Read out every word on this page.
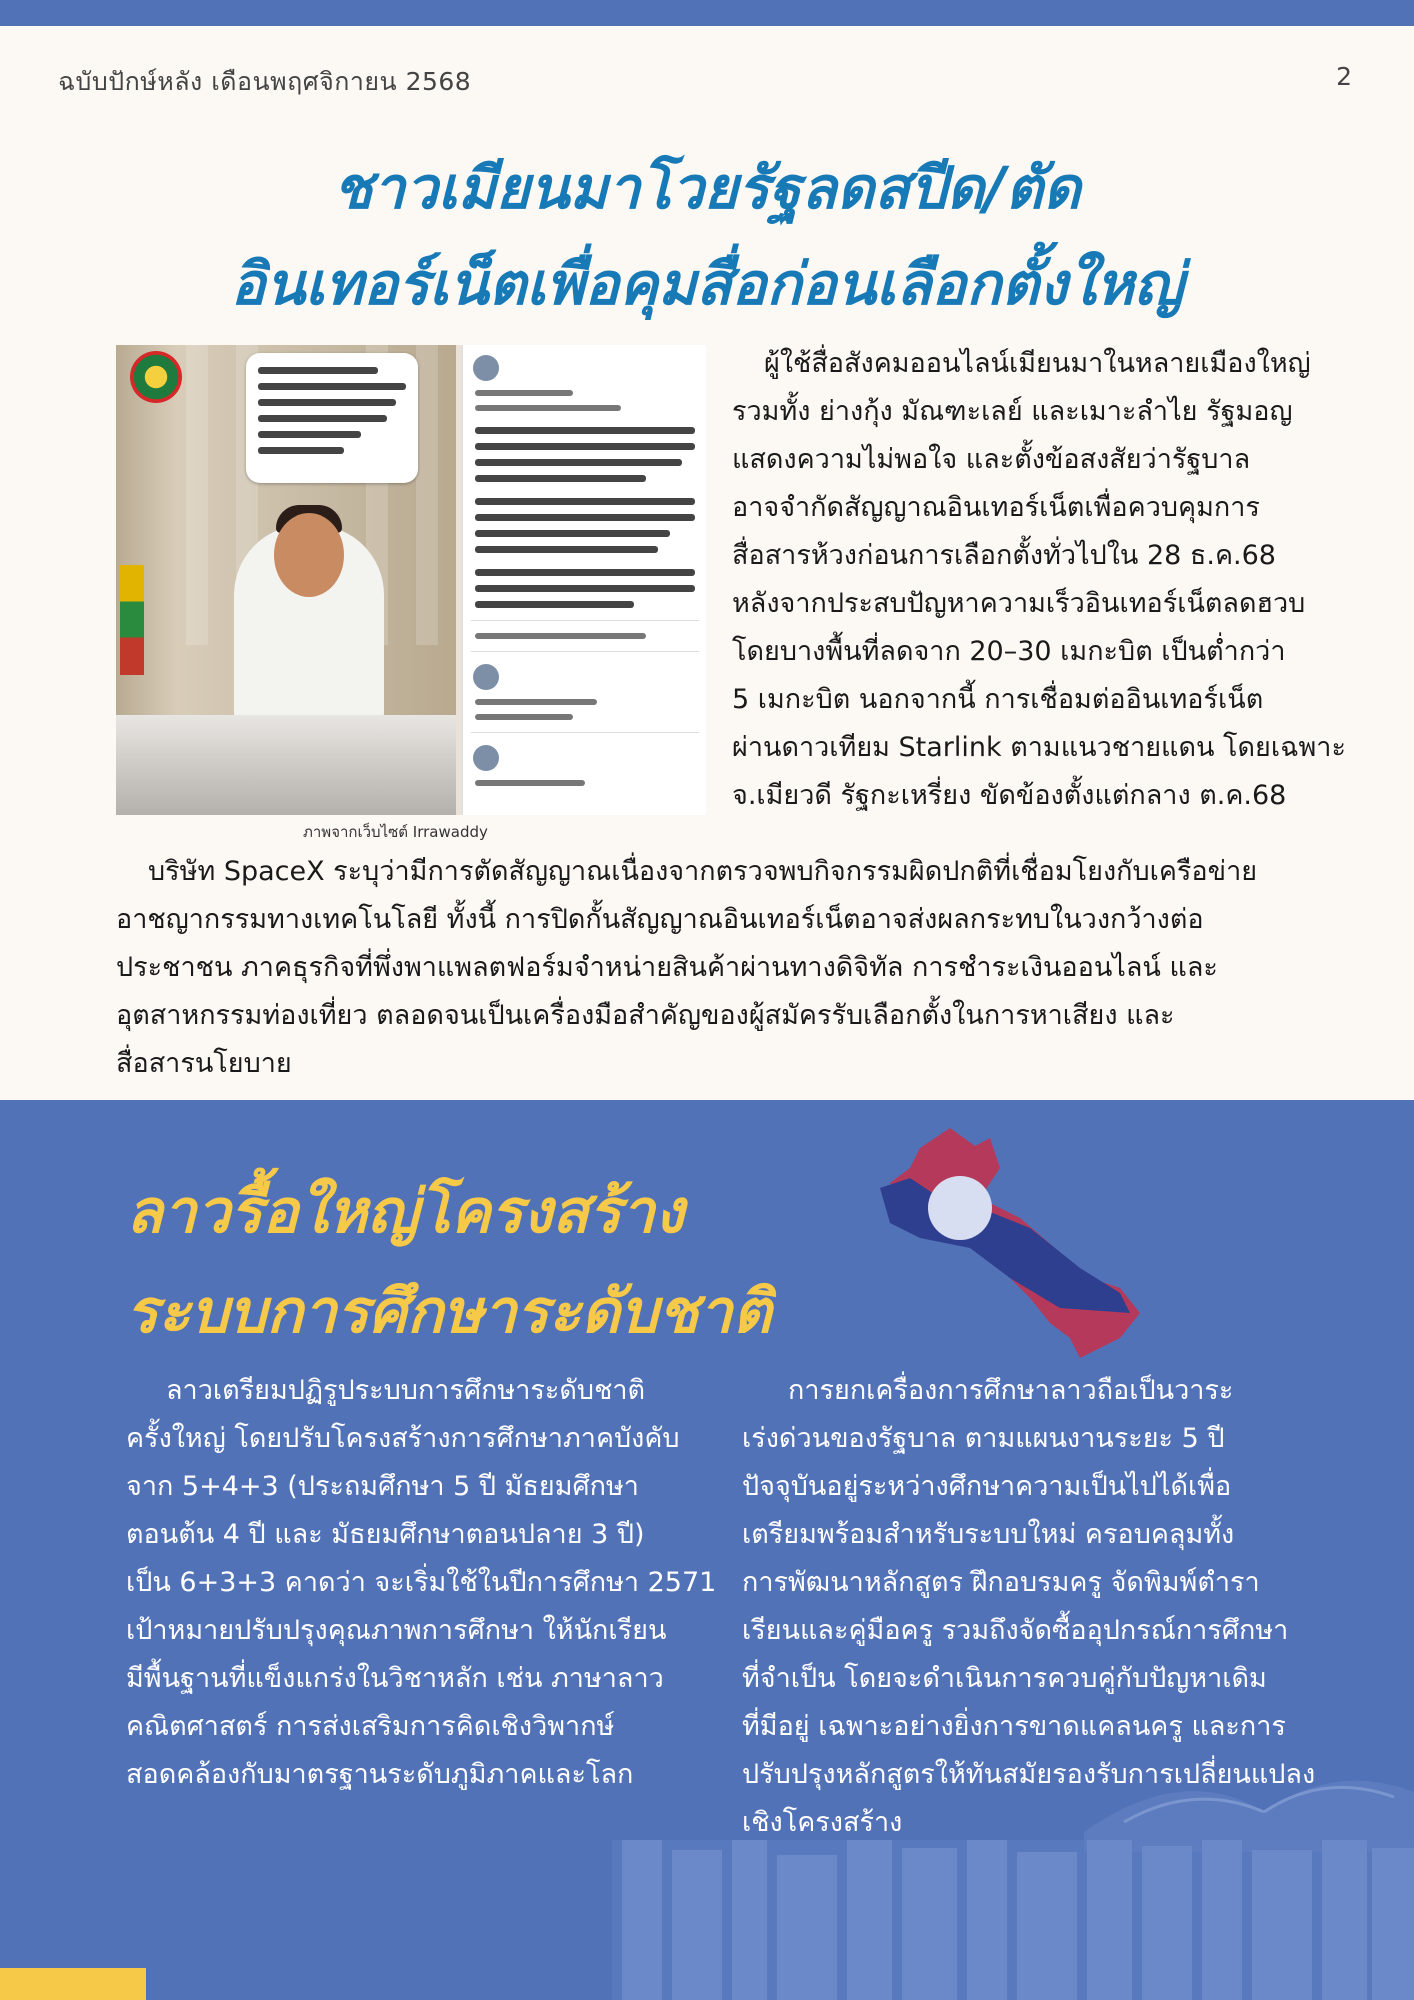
ฉบับปักษ์หลัง เดือนพฤศจิกายน 2568	2
ชาวเมียนมาโวยรัฐลดสปีด/ตัด
อินเทอร์เน็ตเพื่อคุมสื่อก่อนเลือกตั้งใหญ่
ภาพจากเว็บไซต์ Irrawaddy
ผู้ใช้สื่อสังคมออนไลน์เมียนมาในหลายเมืองใหญ่
รวมทั้ง ย่างกุ้ง มัณฑะเลย์ และเมาะลำไย รัฐมอญ
แสดงความไม่พอใจ และตั้งข้อสงสัยว่ารัฐบาล
อาจจำกัดสัญญาณอินเทอร์เน็ตเพื่อควบคุมการ
สื่อสารห้วงก่อนการเลือกตั้งทั่วไปใน 28 ธ.ค.68
หลังจากประสบปัญหาความเร็วอินเทอร์เน็ตลดฮวบ
โดยบางพื้นที่ลดจาก 20–30 เมกะบิต เป็นต่ำกว่า
5 เมกะบิต นอกจากนี้ การเชื่อมต่ออินเทอร์เน็ต
ผ่านดาวเทียม Starlink ตามแนวชายแดน โดยเฉพาะ
จ.เมียวดี รัฐกะเหรี่ยง ขัดข้องตั้งแต่กลาง ต.ค.68
บริษัท SpaceX ระบุว่ามีการตัดสัญญาณเนื่องจากตรวจพบกิจกรรมผิดปกติที่เชื่อมโยงกับเครือข่าย
อาชญากรรมทางเทคโนโลยี ทั้งนี้ การปิดกั้นสัญญาณอินเทอร์เน็ตอาจส่งผลกระทบในวงกว้างต่อ
ประชาชน ภาคธุรกิจที่พึ่งพาแพลตฟอร์มจำหน่ายสินค้าผ่านทางดิจิทัล การชำระเงินออนไลน์ และ
อุตสาหกรรมท่องเที่ยว ตลอดจนเป็นเครื่องมือสำคัญของผู้สมัครรับเลือกตั้งในการหาเสียง และ
สื่อสารนโยบาย
ลาวรื้อใหญ่โครงสร้าง
ระบบการศึกษาระดับชาติ
ลาวเตรียมปฏิรูประบบการศึกษาระดับชาติ
ครั้งใหญ่ โดยปรับโครงสร้างการศึกษาภาคบังคับ
จาก 5+4+3 (ประถมศึกษา 5 ปี มัธยมศึกษา
ตอนต้น 4 ปี และ มัธยมศึกษาตอนปลาย 3 ปี)
เป็น 6+3+3 คาดว่า จะเริ่มใช้ในปีการศึกษา 2571
เป้าหมายปรับปรุงคุณภาพการศึกษา ให้นักเรียน
มีพื้นฐานที่แข็งแกร่งในวิชาหลัก เช่น ภาษาลาว
คณิตศาสตร์ การส่งเสริมการคิดเชิงวิพากษ์
สอดคล้องกับมาตรฐานระดับภูมิภาคและโลก
การยกเครื่องการศึกษาลาวถือเป็นวาระ
เร่งด่วนของรัฐบาล ตามแผนงานระยะ 5 ปี
ปัจจุบันอยู่ระหว่างศึกษาความเป็นไปได้เพื่อ
เตรียมพร้อมสำหรับระบบใหม่ ครอบคลุมทั้ง
การพัฒนาหลักสูตร ฝึกอบรมครู จัดพิมพ์ตำรา
เรียนและคู่มือครู รวมถึงจัดซื้ออุปกรณ์การศึกษา
ที่จำเป็น โดยจะดำเนินการควบคู่กับปัญหาเดิม
ที่มีอยู่ เฉพาะอย่างยิ่งการขาดแคลนครู และการ
ปรับปรุงหลักสูตรให้ทันสมัยรองรับการเปลี่ยนแปลง
เชิงโครงสร้าง
